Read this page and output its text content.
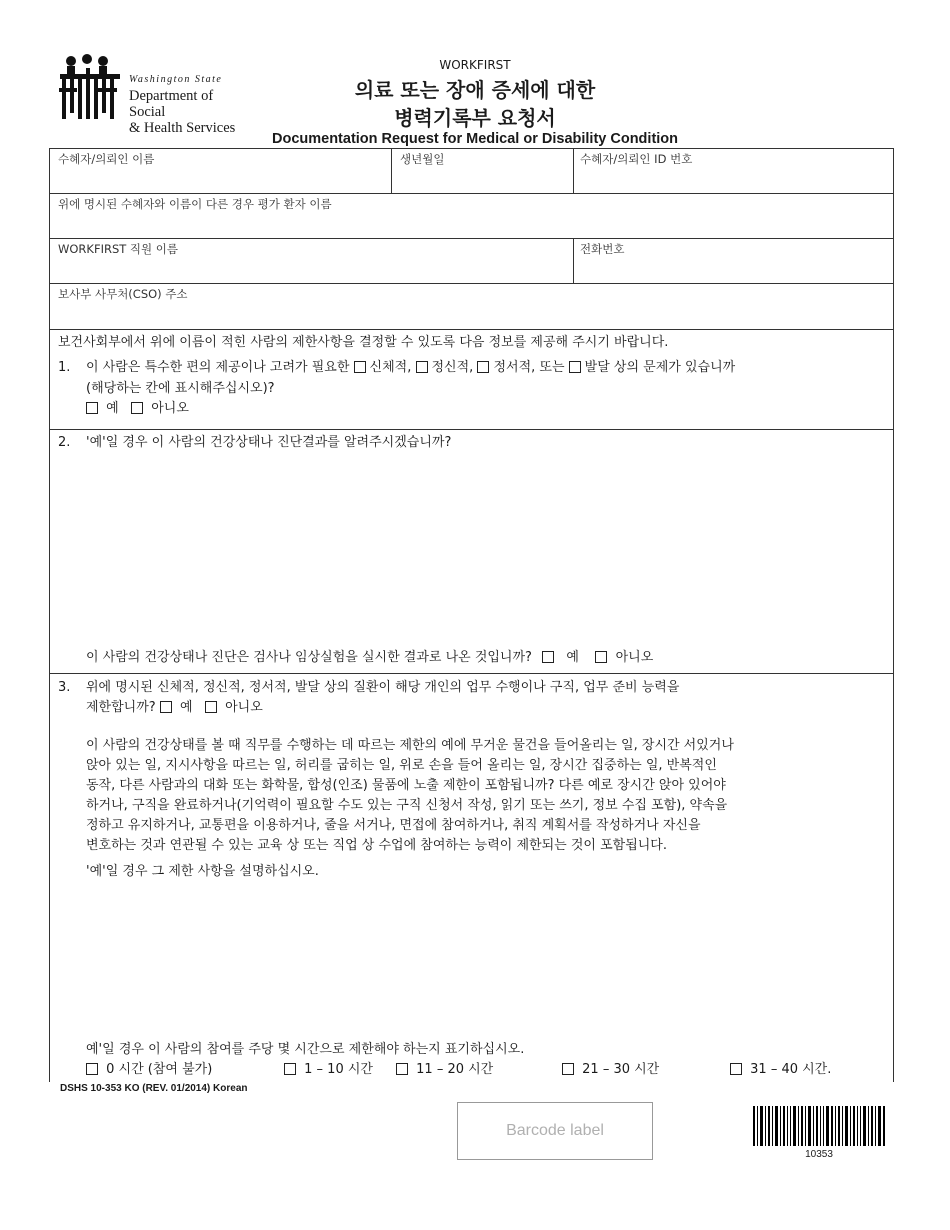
Washington State
Department of Social
& Health Services
WORKFIRST
의료 또는 장애 증세에 대한
병력기록부 요청서
Documentation Request for Medical or Disability Condition
수혜자/의뢰인 이름	생년월일	수혜자/의뢰인 ID 번호
위에 명시된 수혜자와 이름이 다른 경우 평가 환자 이름
WORKFIRST 직원 이름	전화번호
보사부 사무처(CSO) 주소
보건사회부에서 위에 이름이 적힌 사람의 제한사항을 결정할 수 있도록 다음 정보를 제공해 주시기 바랍니다.
1. 이 사람은 특수한 편의 제공이나 고려가 필요한 신체적, 정신적, 정서적, 또는 발달 상의 문제가 있습니까
(해당하는 칸에 표시해주십시오)?
예	아니오
2. '예'일 경우 이 사람의 건강상태나 진단결과를 알려주시겠습니까?
이 사람의 건강상태나 진단은 검사나 임상실험을 실시한 결과로 나온 것입니까?	예	아니오
3. 위에 명시된 신체적, 정신적, 정서적, 발달 상의 질환이 해당 개인의 업무 수행이나 구직, 업무 준비 능력을
제한합니까? 예	아니오
이 사람의 건강상태를 볼 때 직무를 수행하는 데 따르는 제한의 예에 무거운 물건을 들어올리는 일, 장시간 서있거나
앉아 있는 일, 지시사항을 따르는 일, 허리를 굽히는 일, 위로 손을 들어 올리는 일, 장시간 집중하는 일, 반복적인
동작, 다른 사람과의 대화 또는 화학물, 합성(인조) 물품에 노출 제한이 포함됩니까? 다른 예로 장시간 앉아 있어야
하거나, 구직을 완료하거나(기억력이 필요할 수도 있는 구직 신청서 작성, 읽기 또는 쓰기, 정보 수집 포함), 약속을
정하고 유지하거나, 교통편을 이용하거나, 줄을 서거나, 면접에 참여하거나, 취직 계획서를 작성하거나 자신을
변호하는 것과 연관될 수 있는 교육 상 또는 직업 상 수업에 참여하는 능력이 제한되는 것이 포함됩니다.
'예'일 경우 그 제한 사항을 설명하십시오.
예'일 경우 이 사람의 참여를 주당 몇 시간으로 제한해야 하는지 표기하십시오.
0 시간 (참여 불가)	1 – 10 시간	11 – 20 시간	21 – 30 시간	31 – 40 시간.
DSHS 10-353 KO (REV. 01/2014) Korean
Barcode label
10353
